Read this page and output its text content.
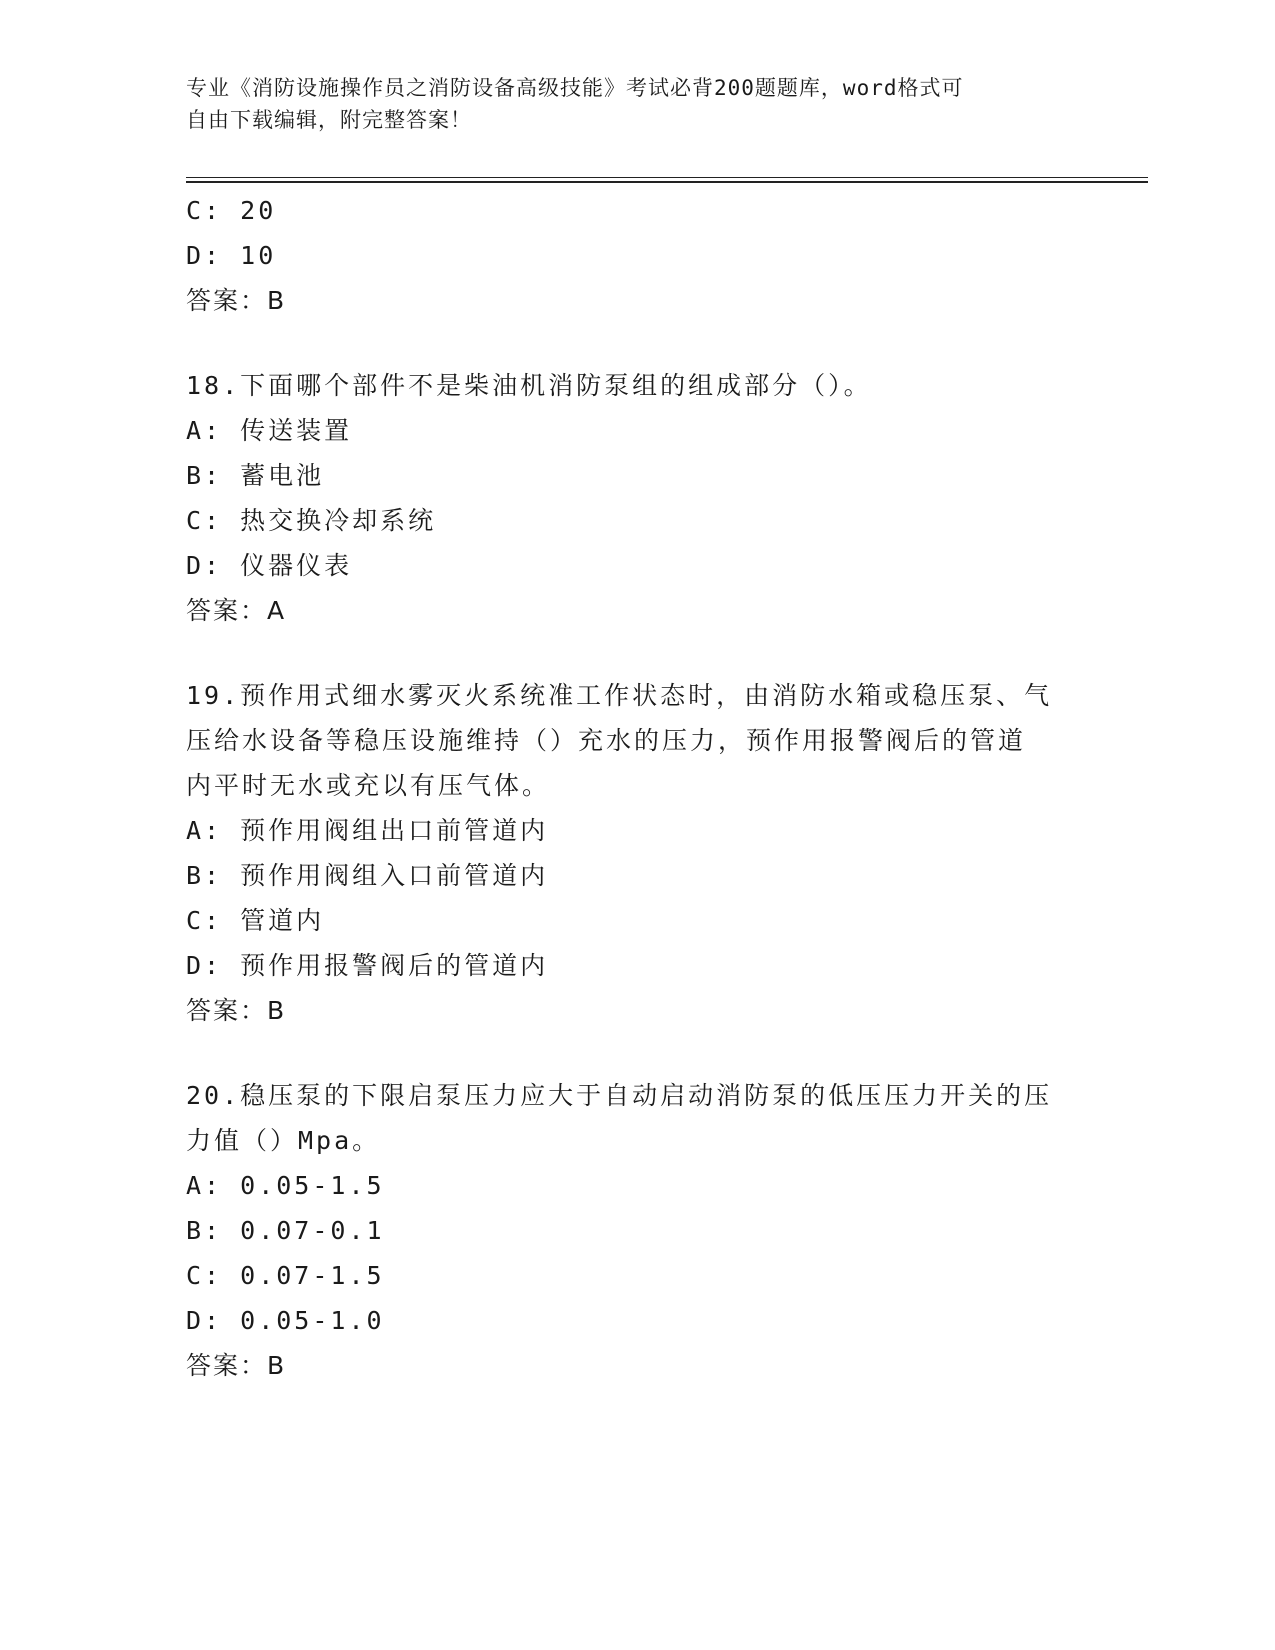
专业《消防设施操作员之消防设备高级技能》考试必背200题题库，word格式可
自由下载编辑，附完整答案！
C: 20
D: 10
答案：B
18.下面哪个部件不是柴油机消防泵组的组成部分（）。
A: 传送装置
B: 蓄电池
C: 热交换冷却系统
D: 仪器仪表
答案：A
19.预作用式细水雾灭火系统准工作状态时，由消防水箱或稳压泵、气
压给水设备等稳压设施维持（）充水的压力，预作用报警阀后的管道
内平时无水或充以有压气体。
A: 预作用阀组出口前管道内
B: 预作用阀组入口前管道内
C: 管道内
D: 预作用报警阀后的管道内
答案：B
20.稳压泵的下限启泵压力应大于自动启动消防泵的低压压力开关的压
力值（）Mpa。
A: 0.05-1.5
B: 0.07-0.1
C: 0.07-1.5
D: 0.05-1.0
答案：B
